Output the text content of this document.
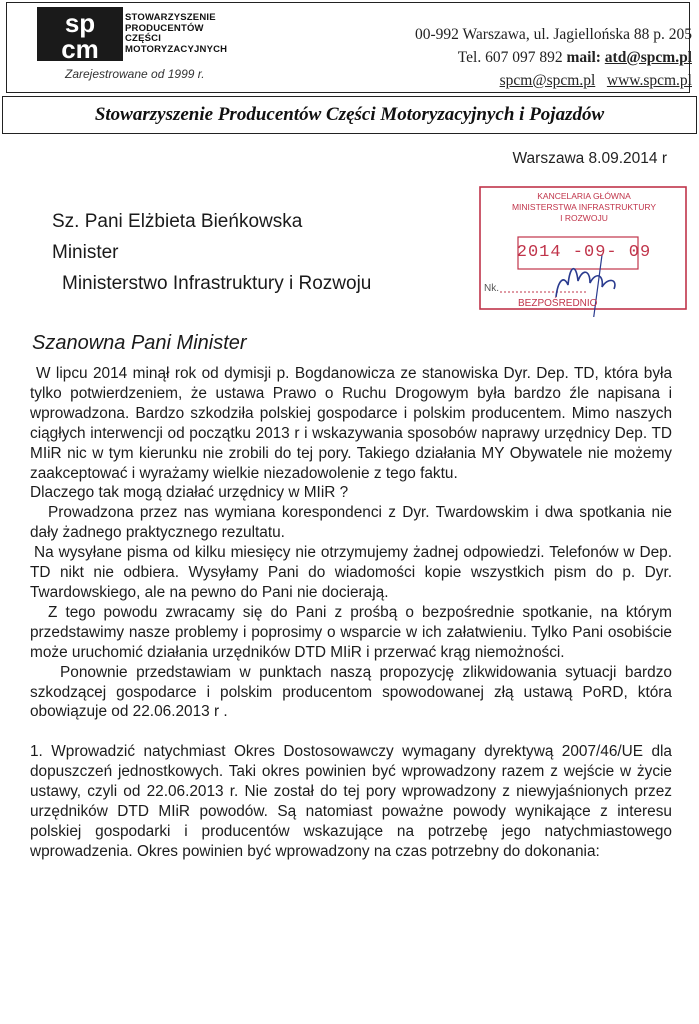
sp
cm
STOWARZYSZENIE
PRODUCENTÓW
CZĘŚCI
MOTORYZACYJNYCH
Zarejestrowane od 1999 r.
00-992 Warszawa, ul. Jagiellońska 88 p. 205
Tel. 607 097 892 mail: atd@spcm.pl
spcm@spcm.pl www.spcm.pl
Stowarzyszenie Producentów Części Motoryzacyjnych i Pojazdów
Warszawa 8.09.2014 r
Sz. Pani Elżbieta Bieńkowska
Minister
Ministerstwo Infrastruktury i Rozwoju
KANCELARIA GŁÓWNA
MINISTERSTWA INFRASTRUKTURY
I ROZWOJU
2014 -09- 09
Nk.
BEZPOŚREDNIO
Szanowna Pani Minister

W lipcu 2014 minął rok od dymisji p. Bogdanowicza ze stanowiska Dyr. Dep. TD, która była tylko potwierdzeniem, że ustawa Prawo o Ruchu Drogowym była bardzo źle napisana i wprowadzona. Bardzo szkodziła polskiej gospodarce i polskim producentem. Mimo naszych ciągłych interwencji od początku 2013 r i wskazywania sposobów naprawy urzędnicy Dep. TD MIiR nic w tym kierunku nie zrobili do tej pory. Takiego działania MY Obywatele nie możemy zaakceptować i wyrażamy wielkie niezadowolenie z tego faktu.

Dlaczego tak mogą działać urzędnicy w MIiR ?

Prowadzona przez nas wymiana korespondenci z Dyr. Twardowskim i dwa spotkania nie dały żadnego praktycznego rezultatu.

Na wysyłane pisma od kilku miesięcy nie otrzymujemy żadnej odpowiedzi. Telefonów w Dep. TD nikt nie odbiera. Wysyłamy Pani do wiadomości kopie wszystkich pism do p. Dyr. Twardowskiego, ale na pewno do Pani nie docierają.

Z tego powodu zwracamy się do Pani z prośbą o bezpośrednie spotkanie, na którym przedstawimy nasze problemy i poprosimy o wsparcie w ich załatwieniu. Tylko Pani osobiście może uruchomić działania urzędników DTD MIiR i przerwać krąg niemożności.

Ponownie przedstawiam w punktach naszą propozycję zlikwidowania sytuacji bardzo szkodzącej gospodarce i polskim producentom spowodowanej złą ustawą PoRD, która obowiązuje od 22.06.2013 r .

1. Wprowadzić natychmiast Okres Dostosowawczy wymagany dyrektywą 2007/46/UE dla dopuszczeń jednostkowych. Taki okres powinien być wprowadzony razem z wejście w życie ustawy, czyli od 22.06.2013 r. Nie został do tej pory wprowadzony z niewyjaśnionych przez urzędników DTD MIiR powodów. Są natomiast poważne powody wynikające z interesu polskiej gospodarki i producentów wskazujące na potrzebę jego natychmiastowego wprowadzenia. Okres powinien być wprowadzony na czas potrzebny do dokonania:
